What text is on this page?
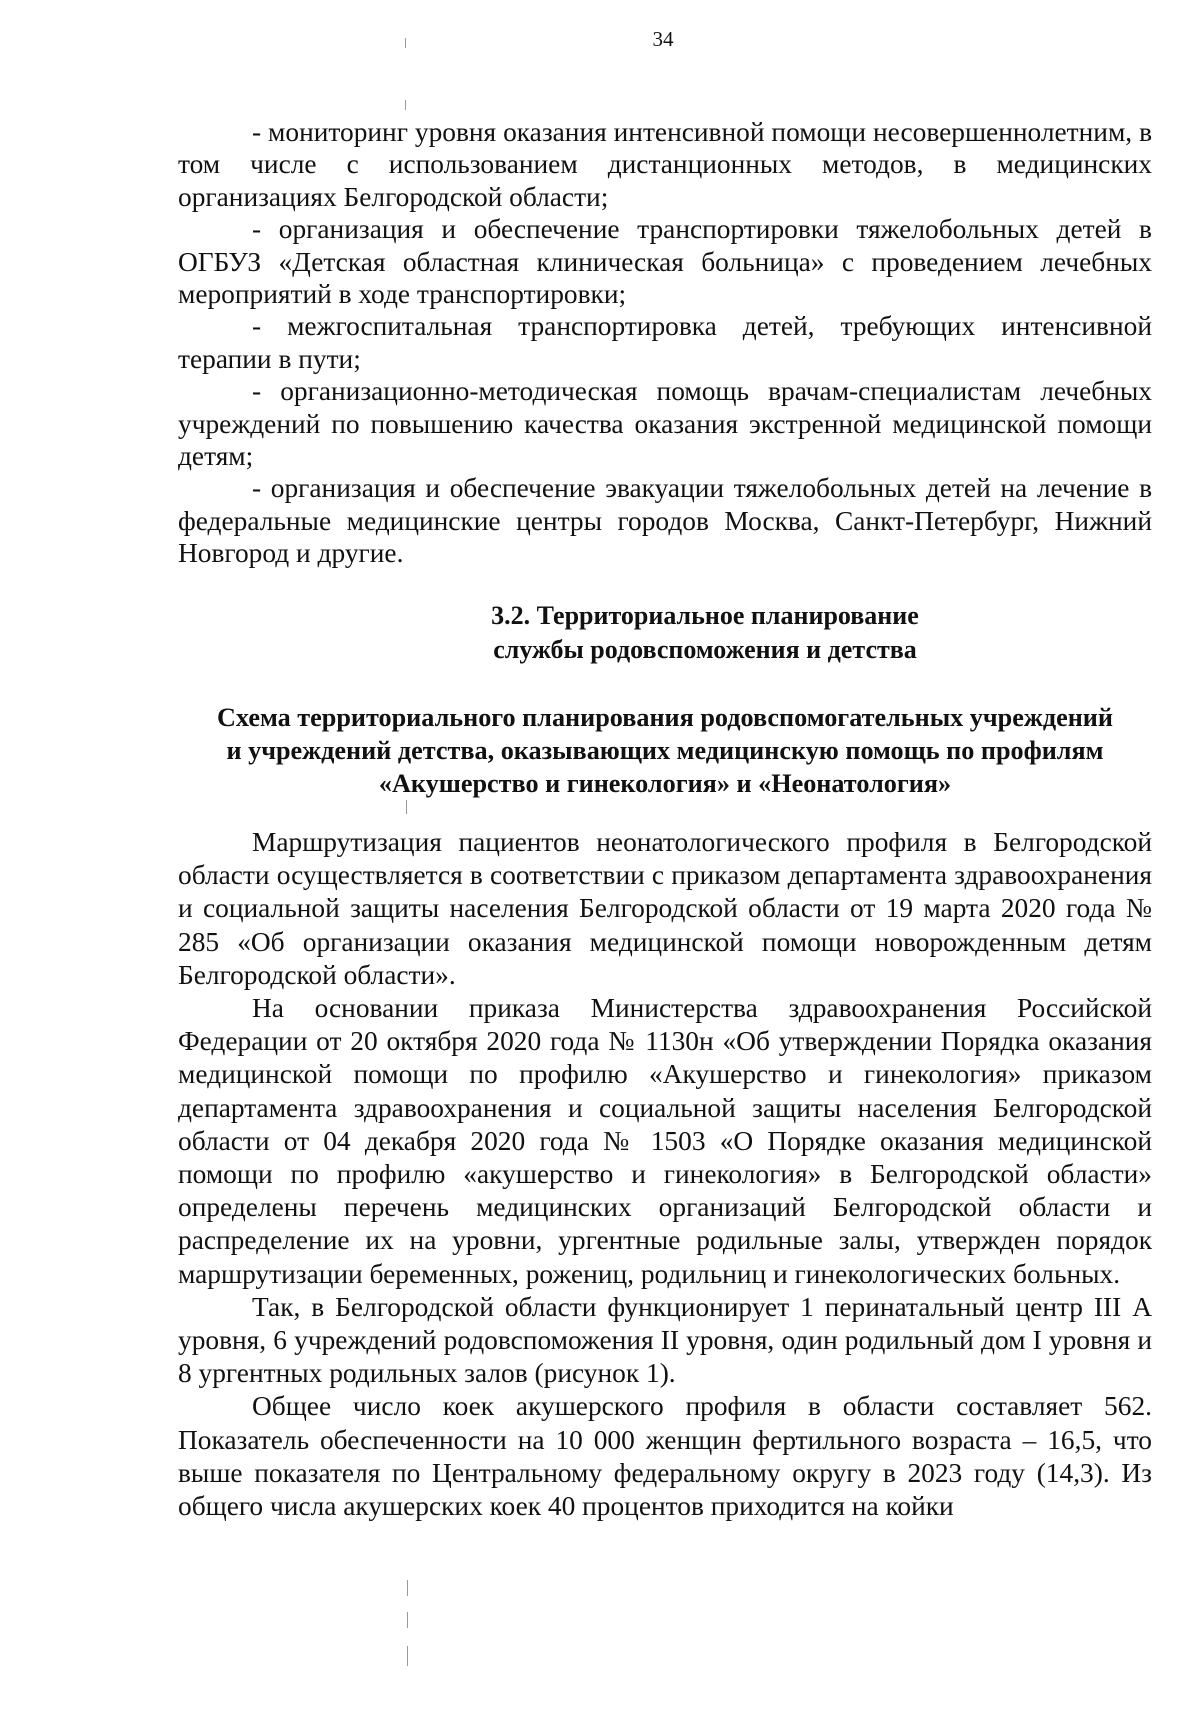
34

- мониторинг уровня оказания интенсивной помощи несовершеннолетним, в том числе с использованием дистанционных методов, в медицинских организациях Белгородской области;

- организация и обеспечение транспортировки тяжелобольных детей в ОГБУЗ «Детская областная клиническая больница» с проведением лечебных мероприятий в ходе транспортировки;

- межгоспитальная транспортировка детей, требующих интенсивной терапии в пути;

- организационно-методическая помощь врачам-специалистам лечебных учреждений по повышению качества оказания экстренной медицинской помощи детям;

- организация и обеспечение эвакуации тяжелобольных детей на лечение в федеральные медицинские центры городов Москва, Санкт-Петербург, Нижний Новгород и другие.

3.2. Территориальное планирование
службы родовспоможения и детства
Схема территориального планирования родовспомогательных учреждений
и учреждений детства, оказывающих медицинскую помощь по профилям
«Акушерство и гинекология» и «Неонатология»

Маршрутизация пациентов неонатологического профиля в Белгородской области осуществляется в соответствии с приказом департамента здравоохранения и социальной защиты населения Белгородской области от 19 марта 2020 года № 285 «Об организации оказания медицинской помощи новорожденным детям Белгородской области».

На основании приказа Министерства здравоохранения Российской Федерации от 20 октября 2020 года № 1130н «Об утверждении Порядка оказания медицинской помощи по профилю «Акушерство и гинекология» приказом департамента здравоохранения и социальной защиты населения Белгородской области от 04 декабря 2020 года № 1503 «О Порядке оказания медицинской помощи по профилю «акушерство и гинекология» в Белгородской области» определены перечень медицинских организаций Белгородской области и распределение их на уровни, ургентные родильные залы, утвержден порядок маршрутизации беременных, рожениц, родильниц и гинекологических больных.

Так, в Белгородской области функционирует 1 перинатальный центр III А уровня, 6 учреждений родовспоможения II уровня, один родильный дом I уровня и 8 ургентных родильных залов (рисунок 1).

Общее число коек акушерского профиля в области составляет 562. Показатель обеспеченности на 10 000 женщин фертильного возраста – 16,5, что выше показателя по Центральному федеральному округу в 2023 году (14,3). Из общего числа акушерских коек 40 процентов приходится на койки
